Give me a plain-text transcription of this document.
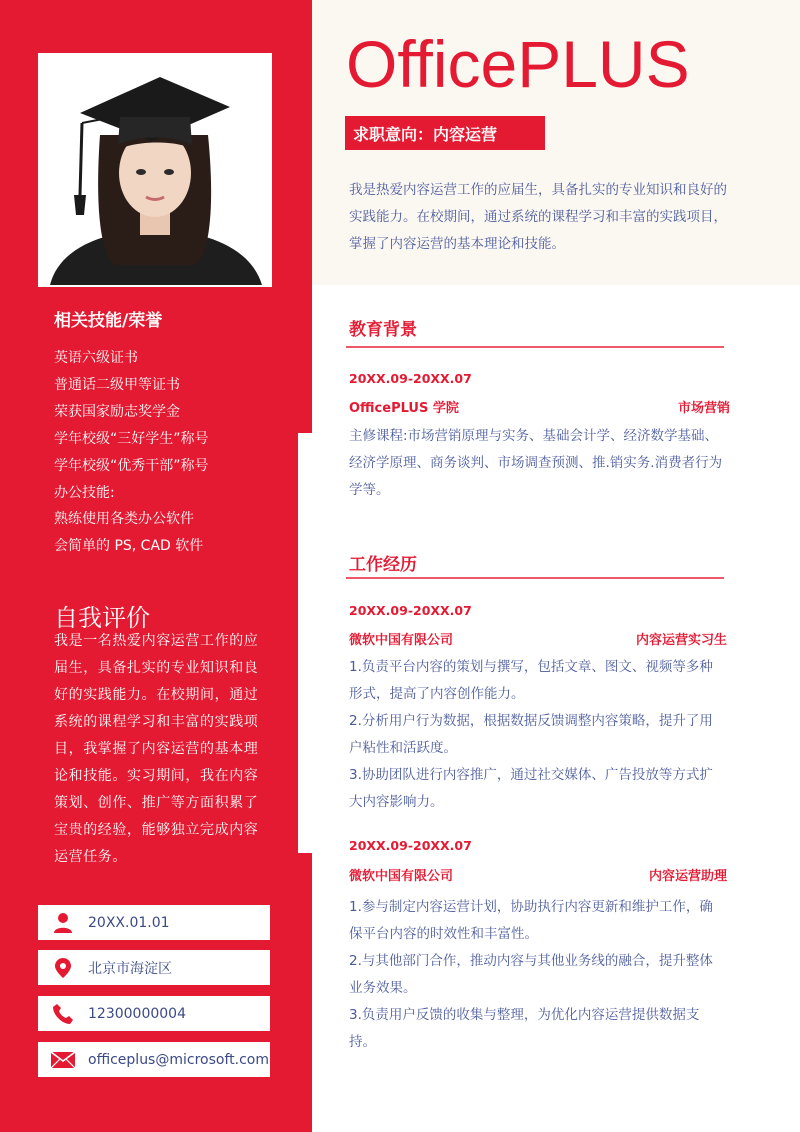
相关技能/荣誉

英语六级证书

普通话二级甲等证书

荣获国家励志奖学金

学年校级“三好学生”称号

学年校级“优秀干部”称号

办公技能:

熟练使用各类办公软件

会简单的 PS, CAD 软件

自我评价
我是一名热爱内容运营工作的应届生，具备扎实的专业知识和良好的实践能力。在校期间，通过系统的课程学习和丰富的实践项目，我掌握了内容运营的基本理论和技能。实习期间，我在内容策划、创作、推广等方面积累了宝贵的经验，能够独立完成内容运营任务。
20XX.01.01
北京市海淀区
12300000004
officeplus@microsoft.com
OfficePLUS
求职意向：内容运营
我是热爱内容运营工作的应届生，具备扎实的专业知识和良好的实践能力。在校期间，通过系统的课程学习和丰富的实践项目，掌握了内容运营的基本理论和技能。
教育背景
20XX.09-20XX.07
OfficePLUS 学院	市场营销
主修课程:市场营销原理与实务、基础会计学、经济数学基础、经济学原理、商务谈判、市场调查预测、推.销实务.消费者行为学等。
工作经历
20XX.09-20XX.07
微软中国有限公司	内容运营实习生
1.负责平台内容的策划与撰写，包括文章、图文、视频等多种形式，提高了内容创作能力。
2.分析用户行为数据，根据数据反馈调整内容策略，提升了用户粘性和活跃度。
3.协助团队进行内容推广，通过社交媒体、广告投放等方式扩大内容影响力。
20XX.09-20XX.07
微软中国有限公司	内容运营助理
1.参与制定内容运营计划，协助执行内容更新和维护工作，确保平台内容的时效性和丰富性。
2.与其他部门合作，推动内容与其他业务线的融合，提升整体业务效果。
3.负责用户反馈的收集与整理，为优化内容运营提供数据支持。
